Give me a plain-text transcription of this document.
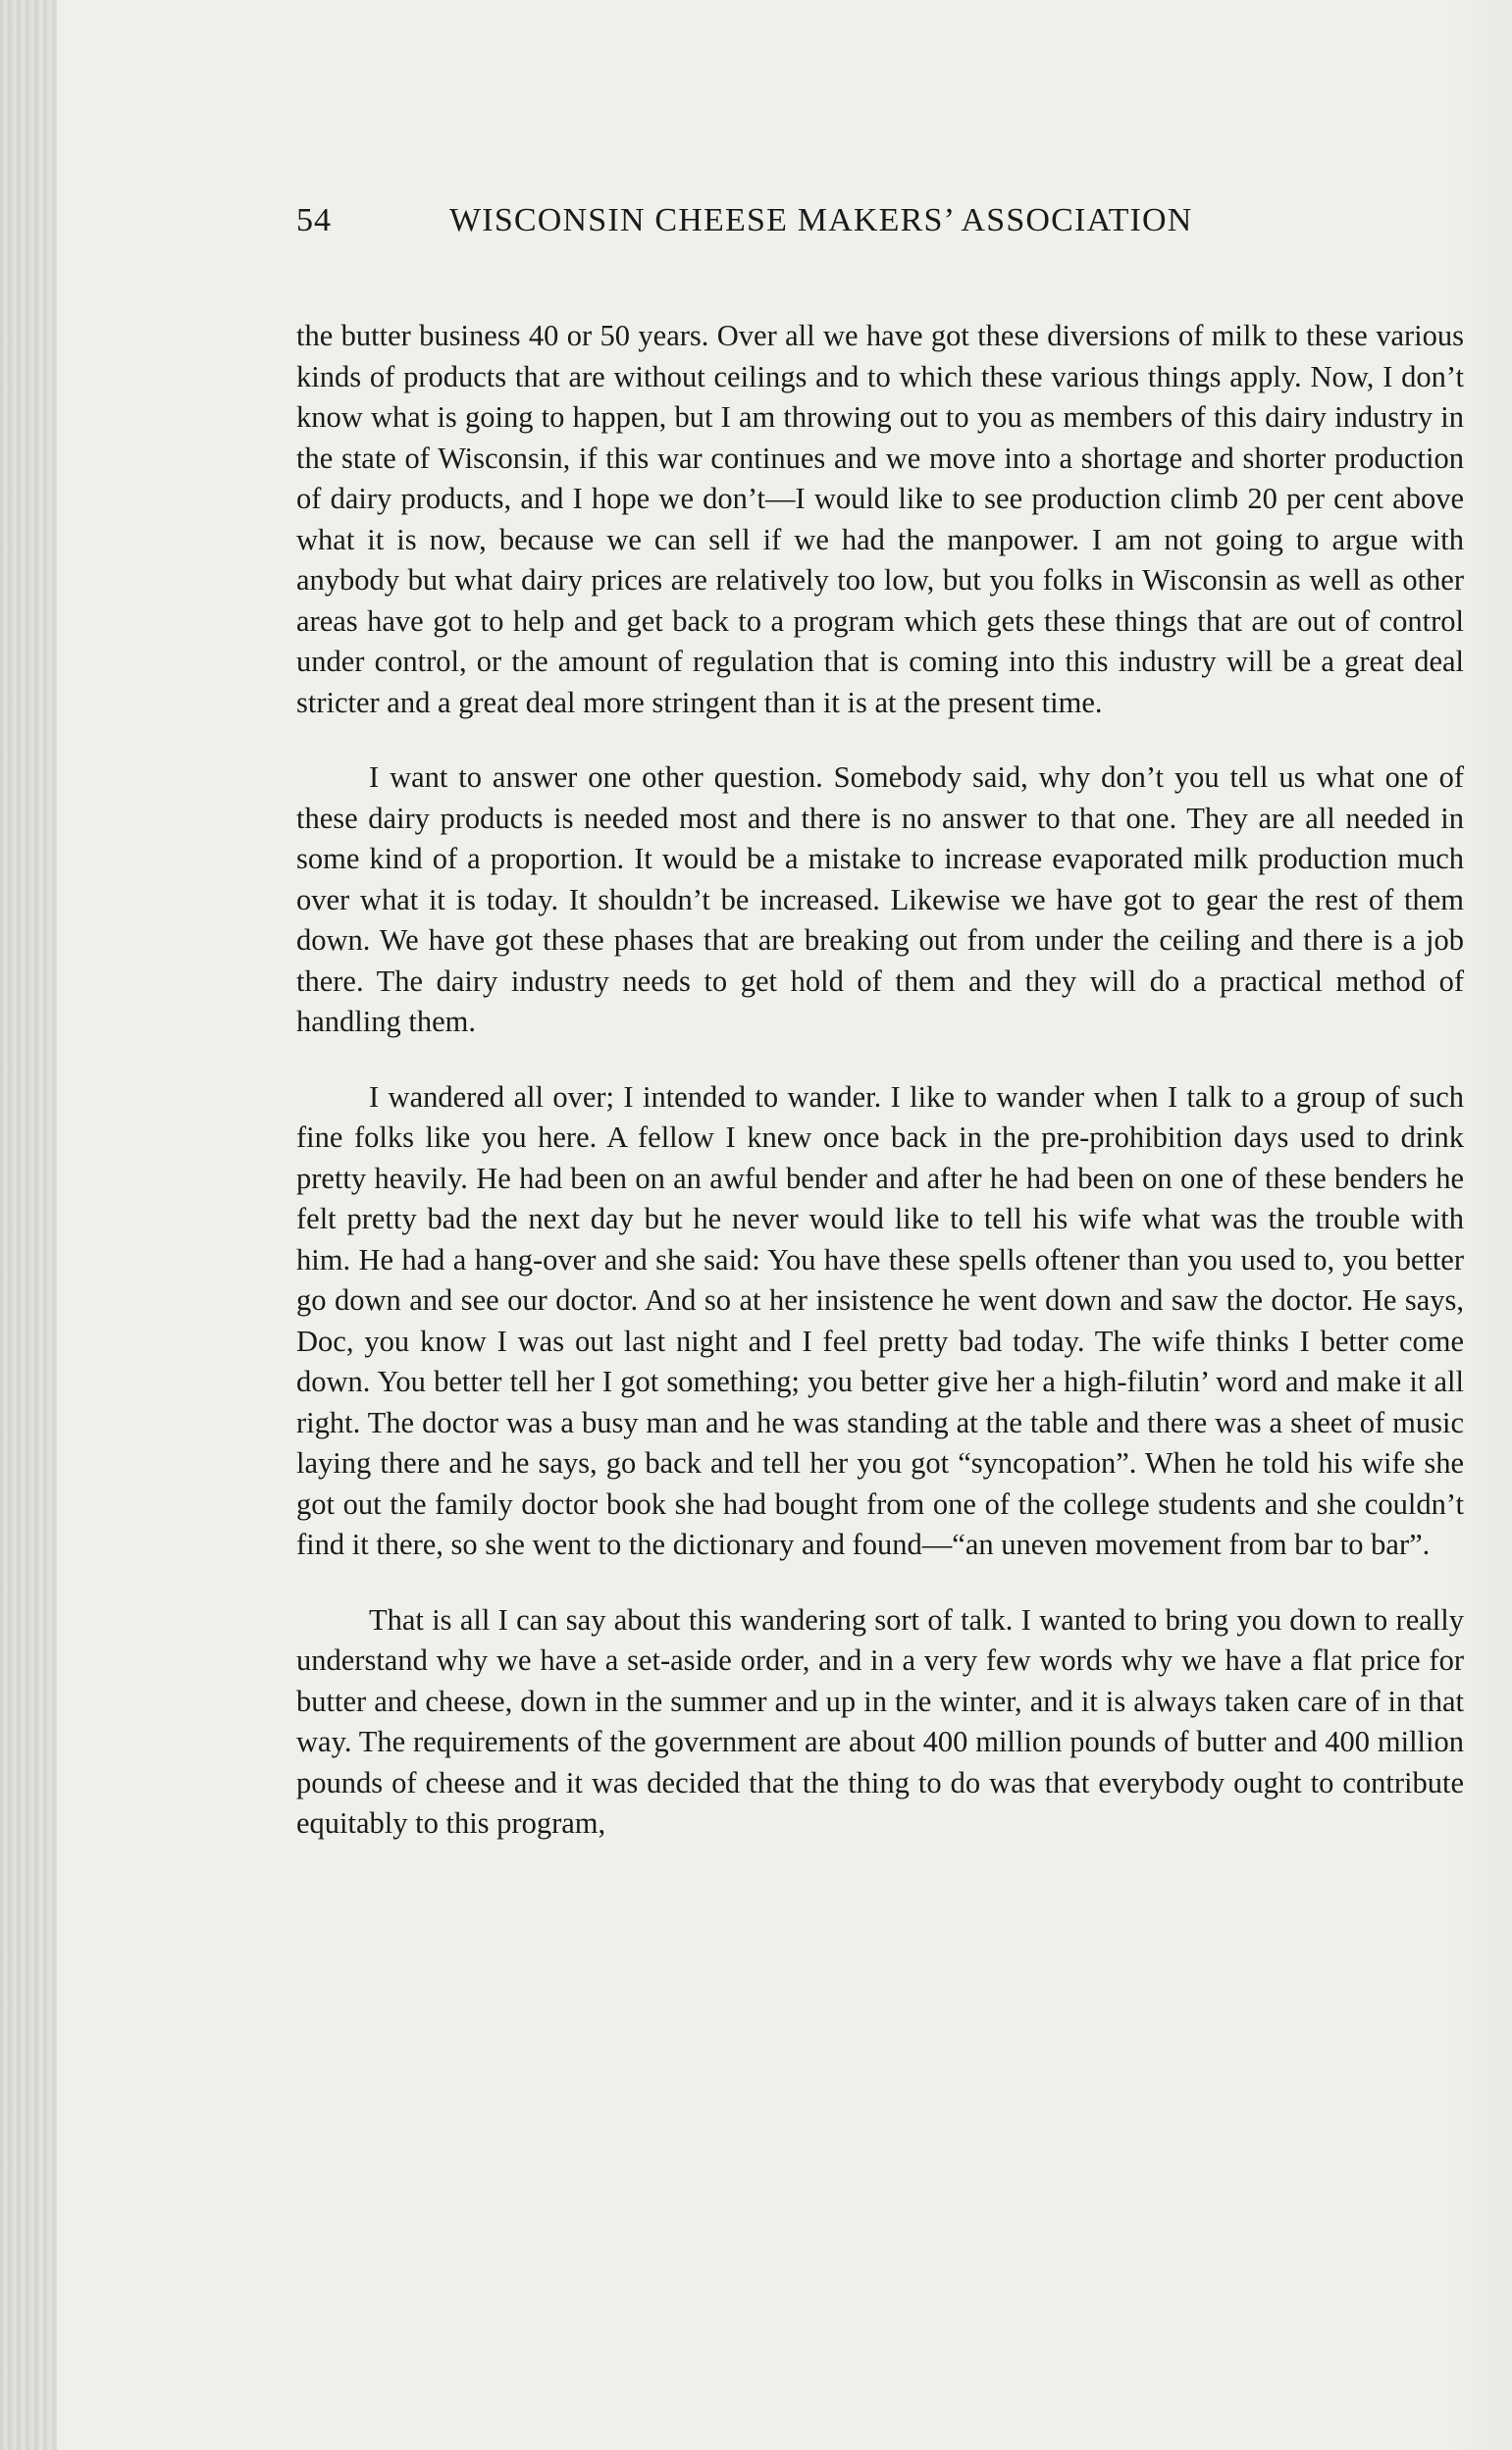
54	WISCONSIN CHEESE MAKERS’ ASSOCIATION

the butter business 40 or 50 years. Over all we have got these diversions of milk to these various kinds of products that are without ceilings and to which these various things apply. Now, I don’t know what is going to happen, but I am throwing out to you as members of this dairy industry in the state of Wisconsin, if this war continues and we move into a shortage and shorter production of dairy products, and I hope we don’t—I would like to see production climb 20 per cent above what it is now, because we can sell if we had the manpower. I am not going to argue with anybody but what dairy prices are relatively too low, but you folks in Wisconsin as well as other areas have got to help and get back to a program which gets these things that are out of control under control, or the amount of regulation that is coming into this industry will be a great deal stricter and a great deal more stringent than it is at the present time.

I want to answer one other question. Somebody said, why don’t you tell us what one of these dairy products is needed most and there is no answer to that one. They are all needed in some kind of a proportion. It would be a mistake to increase evaporated milk production much over what it is today. It shouldn’t be increased. Likewise we have got to gear the rest of them down. We have got these phases that are breaking out from under the ceiling and there is a job there. The dairy industry needs to get hold of them and they will do a practical method of handling them.

I wandered all over; I intended to wander. I like to wander when I talk to a group of such fine folks like you here. A fellow I knew once back in the pre-prohibition days used to drink pretty heavily. He had been on an awful bender and after he had been on one of these benders he felt pretty bad the next day but he never would like to tell his wife what was the trouble with him. He had a hang-over and she said: You have these spells oftener than you used to, you better go down and see our doctor. And so at her insistence he went down and saw the doctor. He says, Doc, you know I was out last night and I feel pretty bad today. The wife thinks I better come down. You better tell her I got something; you better give her a high-filutin’ word and make it all right. The doctor was a busy man and he was standing at the table and there was a sheet of music laying there and he says, go back and tell her you got “syncopation”. When he told his wife she got out the family doctor book she had bought from one of the college students and she couldn’t find it there, so she went to the dictionary and found—“an uneven movement from bar to bar”.

That is all I can say about this wandering sort of talk. I wanted to bring you down to really understand why we have a set-aside order, and in a very few words why we have a flat price for butter and cheese, down in the summer and up in the winter, and it is always taken care of in that way. The requirements of the government are about 400 million pounds of butter and 400 million pounds of cheese and it was decided that the thing to do was that everybody ought to contribute equitably to this program,
